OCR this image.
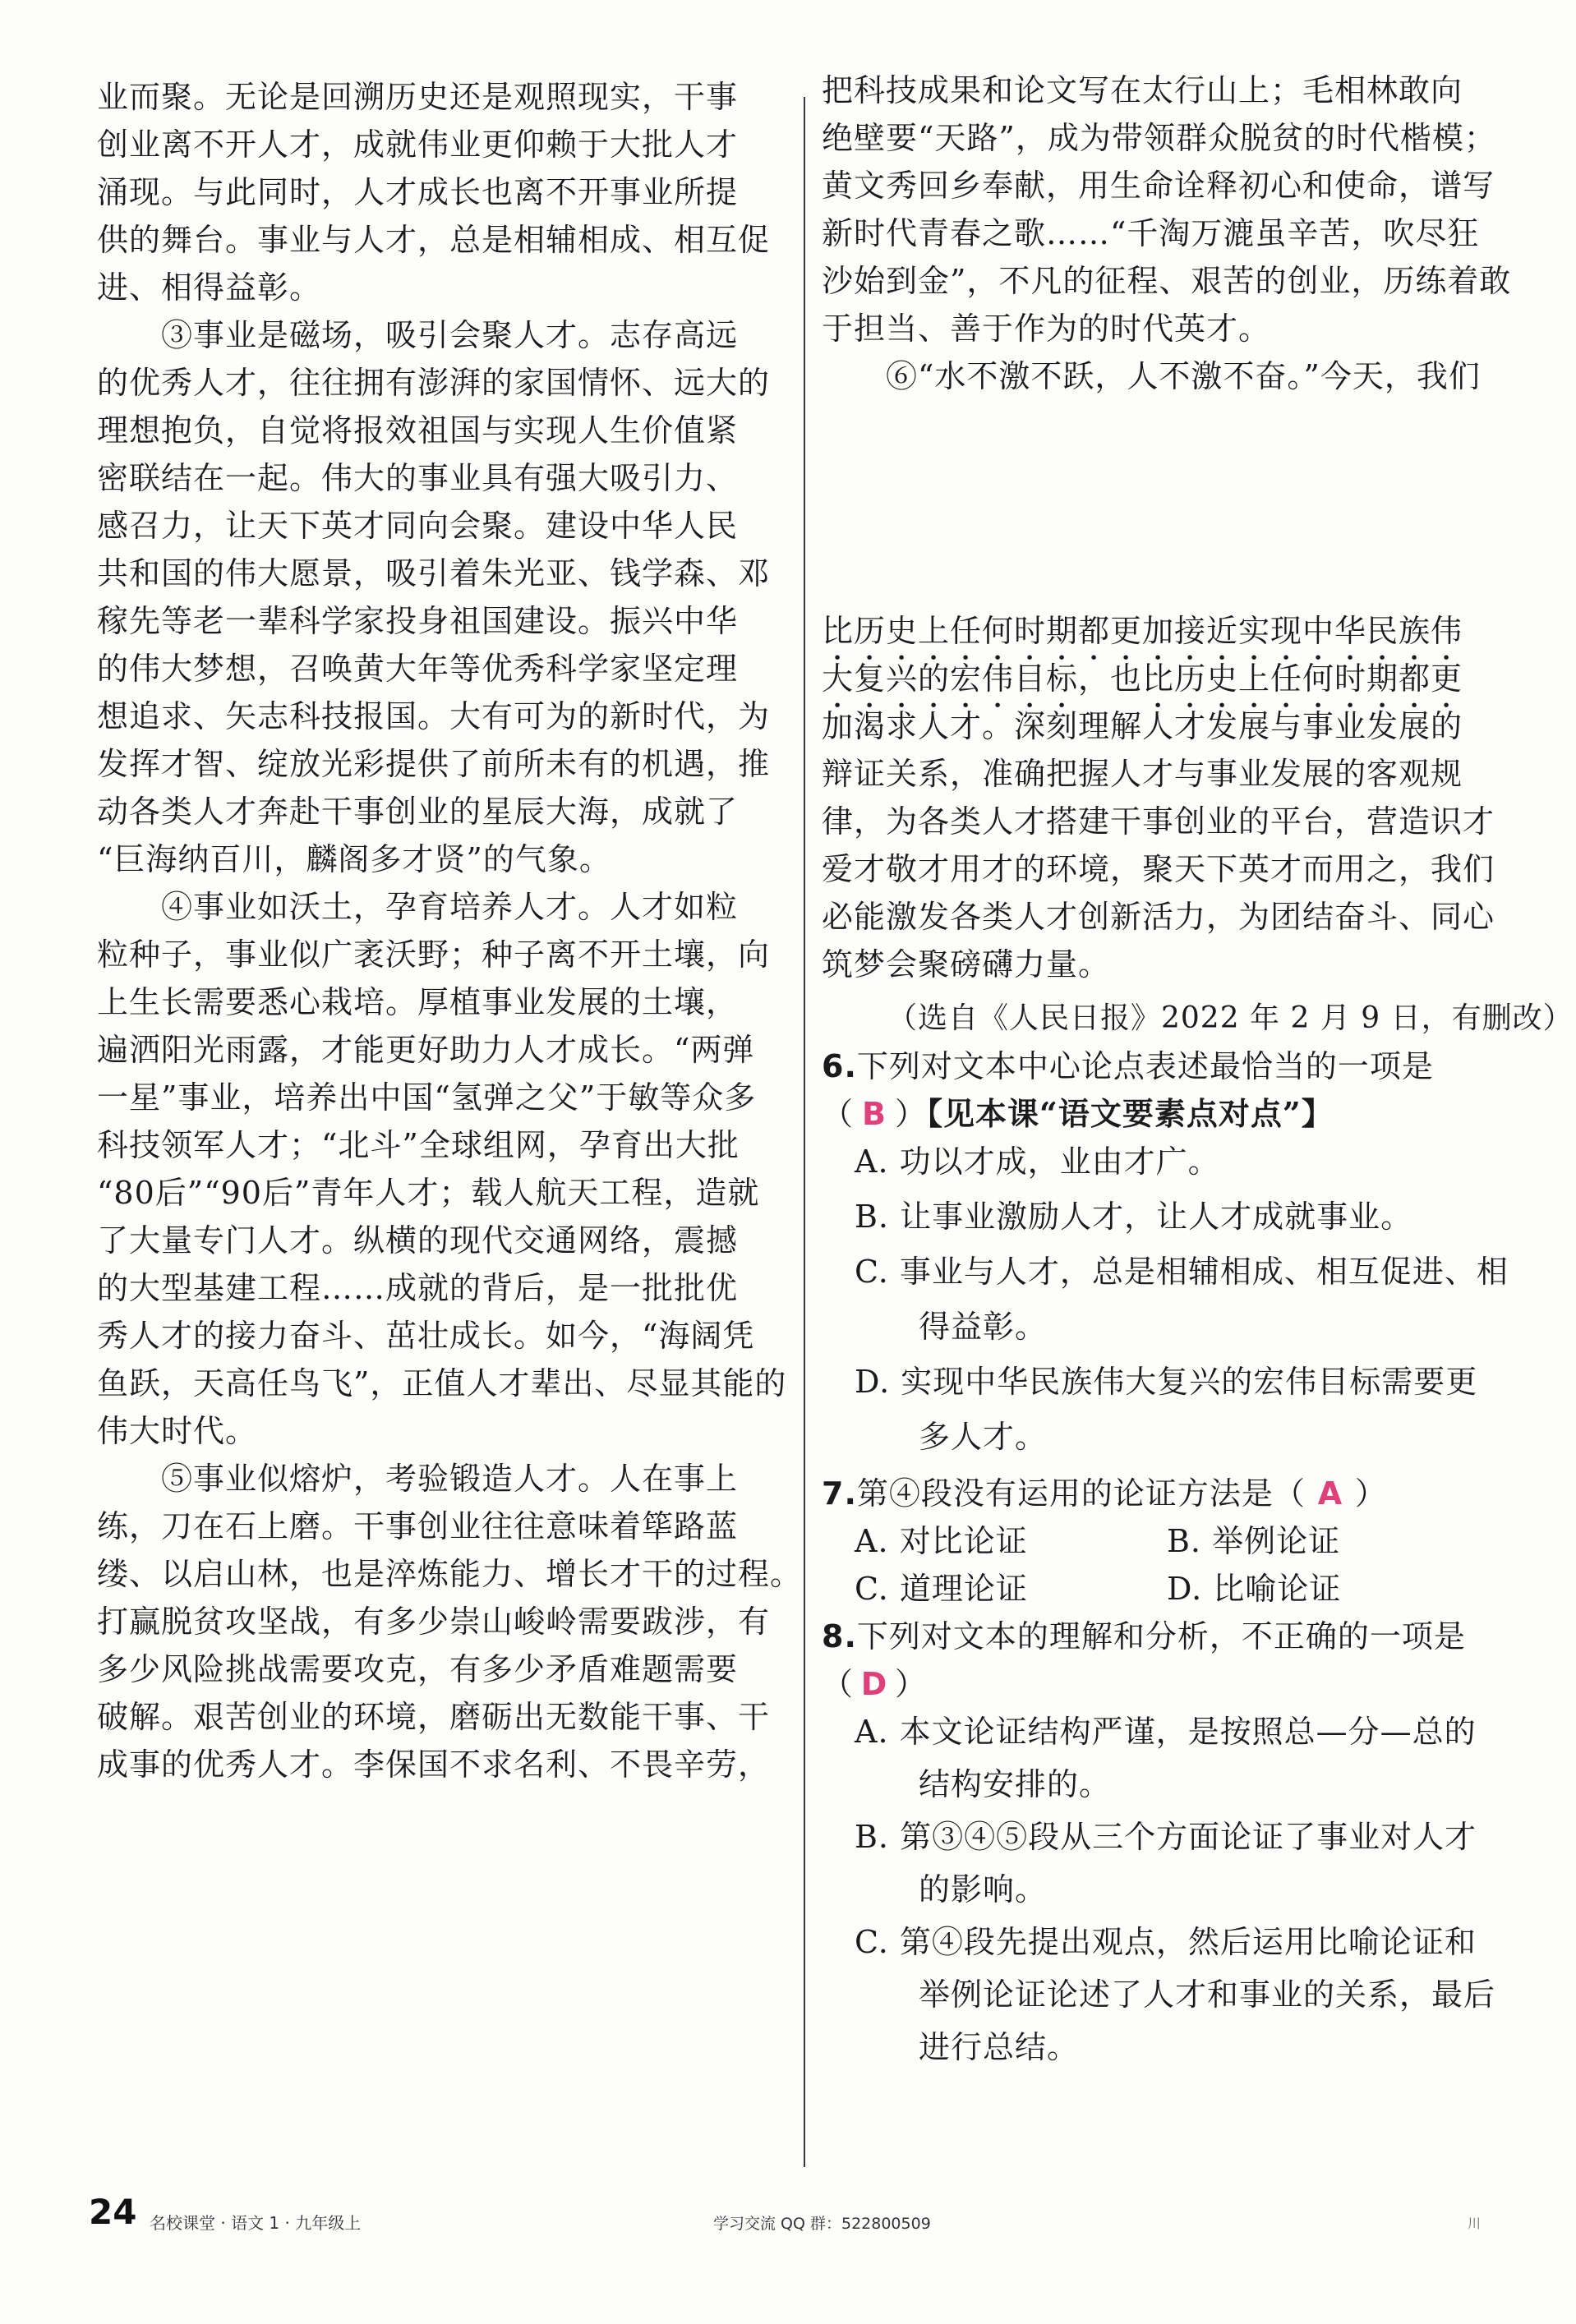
业而聚。无论是回溯历史还是观照现实，干事
创业离不开人才，成就伟业更仰赖于大批人才
涌现。与此同时，人才成长也离不开事业所提
供的舞台。事业与人才，总是相辅相成、相互促
进、相得益彰。
　　③事业是磁场，吸引会聚人才。志存高远
的优秀人才，往往拥有澎湃的家国情怀、远大的
理想抱负，自觉将报效祖国与实现人生价值紧
密联结在一起。伟大的事业具有强大吸引力、
感召力，让天下英才同向会聚。建设中华人民
共和国的伟大愿景，吸引着朱光亚、钱学森、邓
稼先等老一辈科学家投身祖国建设。振兴中华
的伟大梦想，召唤黄大年等优秀科学家坚定理
想追求、矢志科技报国。大有可为的新时代，为
发挥才智、绽放光彩提供了前所未有的机遇，推
动各类人才奔赴干事创业的星辰大海，成就了
“巨海纳百川，麟阁多才贤”的气象。
　　④事业如沃土，孕育培养人才。人才如粒
粒种子，事业似广袤沃野；种子离不开土壤，向
上生长需要悉心栽培。厚植事业发展的土壤，
遍洒阳光雨露，才能更好助力人才成长。“两弹
一星”事业，培养出中国“氢弹之父”于敏等众多
科技领军人才；“北斗”全球组网，孕育出大批
“80后”“90后”青年人才；载人航天工程，造就
了大量专门人才。纵横的现代交通网络，震撼
的大型基建工程……成就的背后，是一批批优
秀人才的接力奋斗、茁壮成长。如今，“海阔凭
鱼跃，天高任鸟飞”，正值人才辈出、尽显其能的
伟大时代。
　　⑤事业似熔炉，考验锻造人才。人在事上
练，刀在石上磨。干事创业往往意味着筚路蓝
缕、以启山林，也是淬炼能力、增长才干的过程。
打赢脱贫攻坚战，有多少崇山峻岭需要跋涉，有
多少风险挑战需要攻克，有多少矛盾难题需要
破解。艰苦创业的环境，磨砺出无数能干事、干
成事的优秀人才。李保国不求名利、不畏辛劳，
把科技成果和论文写在太行山上；毛相林敢向
绝壁要“天路”，成为带领群众脱贫的时代楷模；
黄文秀回乡奉献，用生命诠释初心和使命，谱写
新时代青春之歌……“千淘万漉虽辛苦，吹尽狂
沙始到金”，不凡的征程、艰苦的创业，历练着敢
于担当、善于作为的时代英才。
　　⑥“水不激不跃，人不激不奋。”今天，我们
比历史上任何时期都更加接近实现中华民族伟
大复兴的宏伟目标，也比历史上任何时期都更
加渴求人才。深刻理解人才发展与事业发展的
辩证关系，准确把握人才与事业发展的客观规
律，为各类人才搭建干事创业的平台，营造识才
爱才敬才用才的环境，聚天下英才而用之，我们
必能激发各类人才创新活力，为团结奋斗、同心
筑梦会聚磅礴力量。
（选自《人民日报》2022 年 2 月 9 日，有删改）
6.下列对文本中心论点表述最恰当的一项是
（ B ）【见本课“语文要素点对点”】
A. 功以才成，业由才广。
B. 让事业激励人才，让人才成就事业。
C. 事业与人才，总是相辅相成、相互促进、相
　　得益彰。
D. 实现中华民族伟大复兴的宏伟目标需要更
　　多人才。
7.第④段没有运用的论证方法是（ A ）
A. 对比论证	B. 举例论证
C. 道理论证	D. 比喻论证
8.下列对文本的理解和分析，不正确的一项是
（ D ）
A. 本文论证结构严谨，是按照总—分—总的
　　结构安排的。
B. 第③④⑤段从三个方面论证了事业对人才
　　的影响。
C. 第④段先提出观点，然后运用比喻论证和
　　举例论证论述了人才和事业的关系，最后
　　进行总结。
24 名校课堂 · 语文 1 · 九年级上	学习交流 QQ 群：522800509	川
